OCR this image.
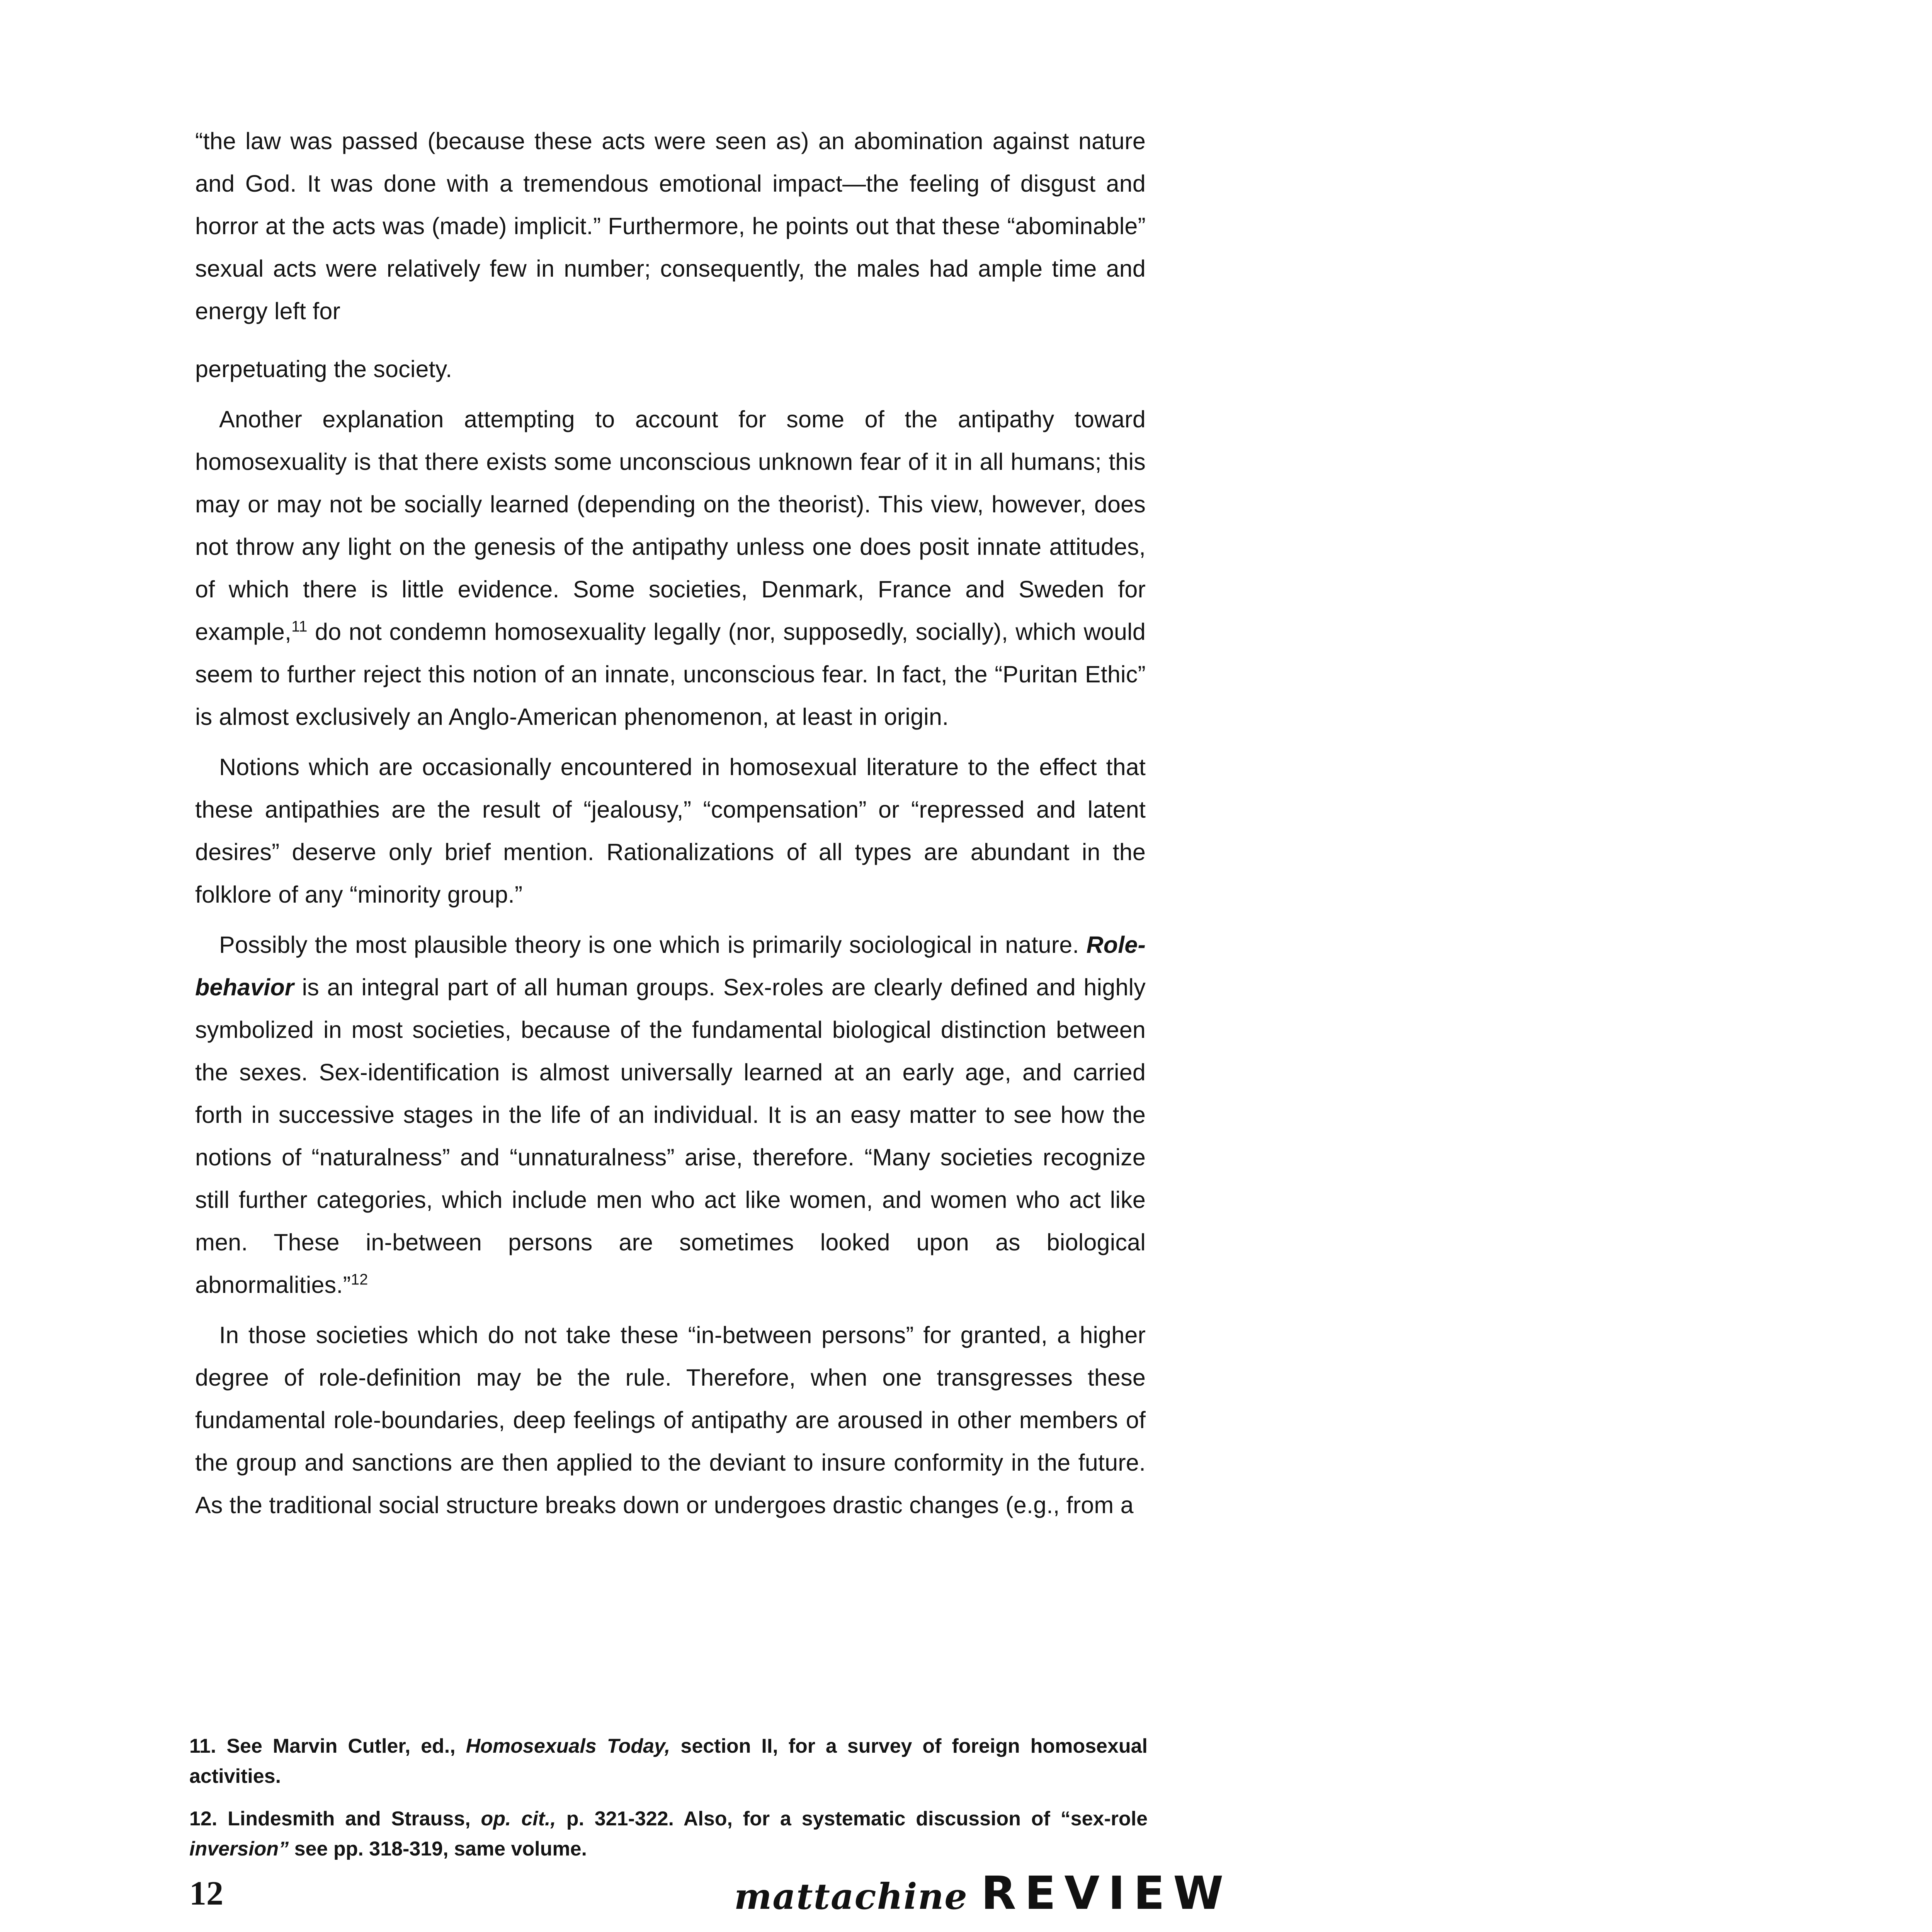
“the law was passed (because these acts were seen as) an abomination against nature and God. It was done with a tremendous emotional impact—the feeling of disgust and horror at the acts was (made) implicit.” Furthermore, he points out that these “abominable” sexual acts were relatively few in number; consequently, the males had ample time and energy left for

perpetuating the society.

Another explanation attempting to account for some of the antipathy toward homosexuality is that there exists some unconscious unknown fear of it in all humans; this may or may not be socially learned (depending on the theorist). This view, however, does not throw any light on the genesis of the antipathy unless one does posit innate attitudes, of which there is little evidence. Some societies, Denmark, France and Sweden for example,$^{11}$ do not condemn homosexuality legally (nor, supposedly, socially), which would seem to further reject this notion of an innate, unconscious fear. In fact, the “Puritan Ethic” is almost exclusively an Anglo-American phenomenon, at least in origin.

Notions which are occasionally encountered in homosexual literature to the effect that these antipathies are the result of “jealousy,” “compensation” or “repressed and latent desires” deserve only brief mention. Rationalizations of all types are abundant in the folklore of any “minority group.”

Possibly the most plausible theory is one which is primarily sociological in nature. Role-behavior is an integral part of all human groups. Sex-roles are clearly defined and highly symbolized in most societies, because of the fundamental biological distinction between the sexes. Sex-identification is almost universally learned at an early age, and carried forth in successive stages in the life of an individual. It is an easy matter to see how the notions of “naturalness” and “unnaturalness” arise, therefore. “Many societies recognize still further categories, which include men who act like women, and women who act like men. These in-between persons are sometimes looked upon as biological abnormalities.”$^{12}$

In those societies which do not take these “in-between persons” for granted, a higher degree of role-definition may be the rule. Therefore, when one transgresses these fundamental role-boundaries, deep feelings of antipathy are aroused in other members of the group and sanctions are then applied to the deviant to insure conformity in the future. As the traditional social structure breaks down or undergoes drastic changes (e.g., from a

11. See Marvin Cutler, ed., Homosexuals Today, section II, for a survey of foreign homosexual activities.

12. Lindesmith and Strauss, op. cit., p. 321-322. Also, for a systematic discussion of “sex-role inversion” see pp. 318-319, same volume.

12	mattachine REVIEW
